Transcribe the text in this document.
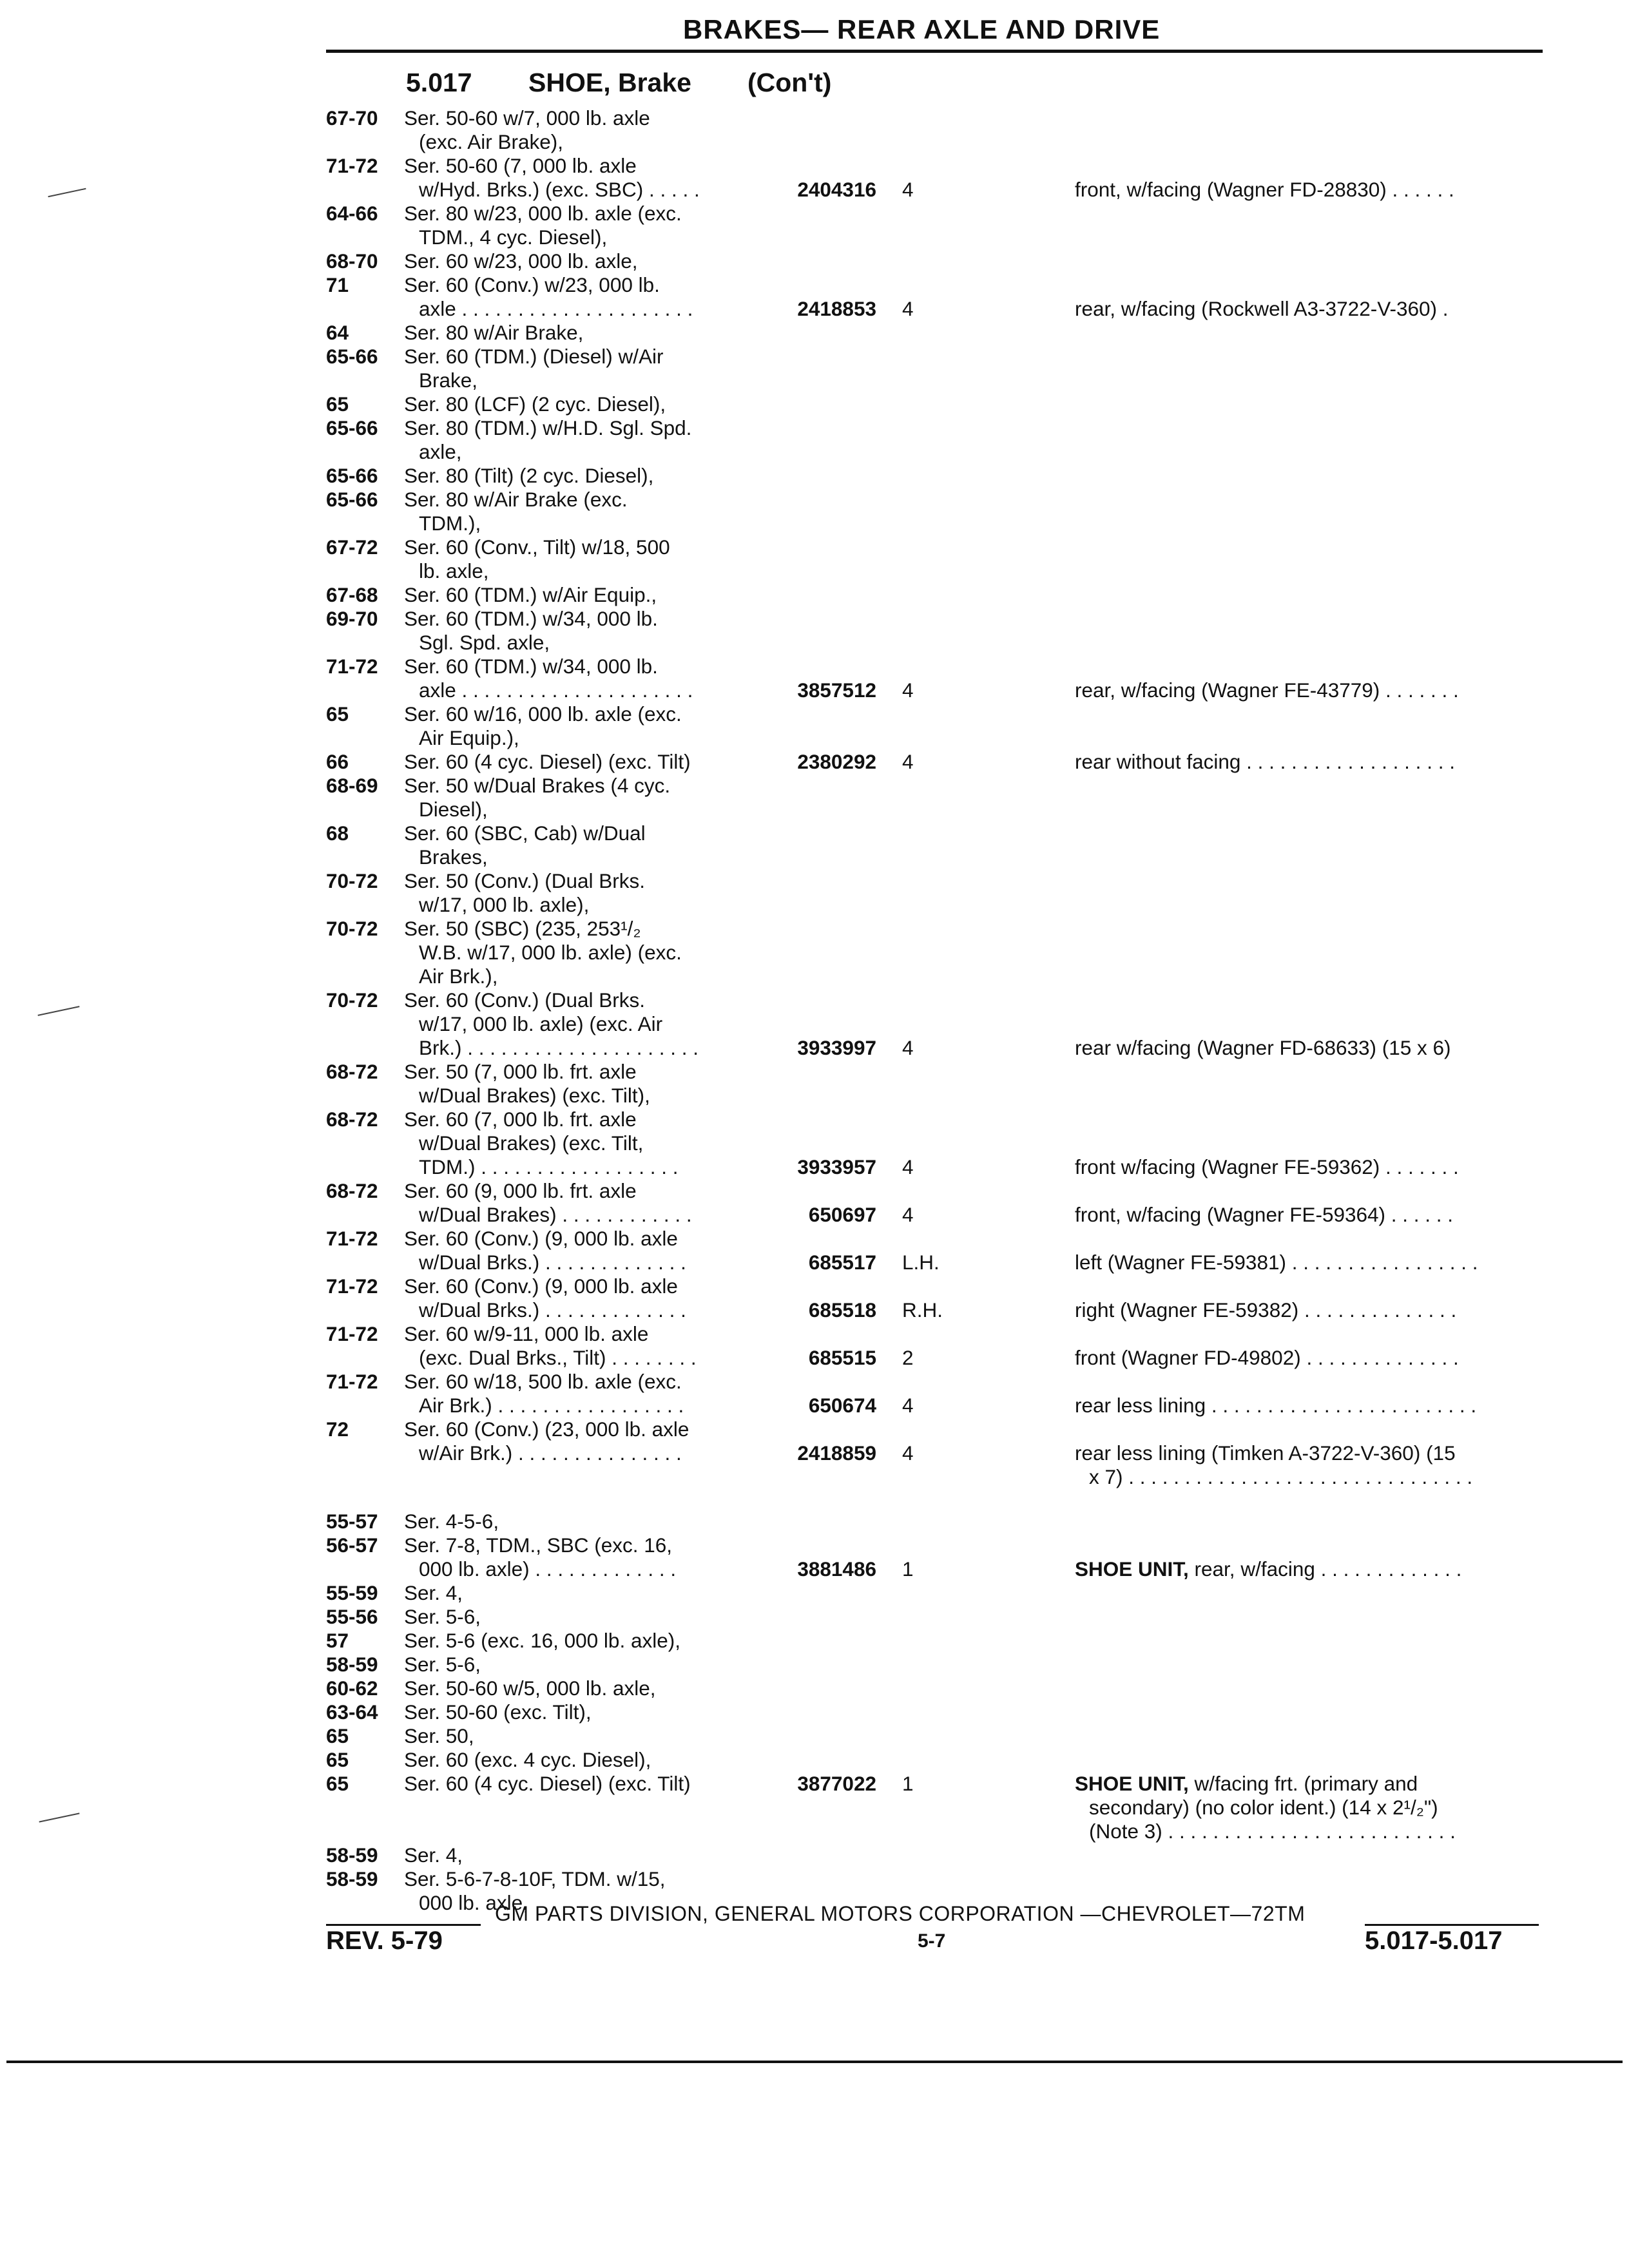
BRAKES— REAR AXLE AND DRIVE
5.017 SHOE, Brake (Con't)
67-70 Ser. 50-60 w/7, 000 lb. axle
(exc. Air Brake),
71-72 Ser. 50-60 (7, 000 lb. axle
w/Hyd. Brks.) (exc. SBC) . . . . .	2404316 4	front, w/facing (Wagner FD-28830) . . . . . .
64-66 Ser. 80 w/23, 000 lb. axle (exc.
TDM., 4 cyc. Diesel),
68-70 Ser. 60 w/23, 000 lb. axle,
71	Ser. 60 (Conv.) w/23, 000 lb.
axle . . . . . . . . . . . . . . . . . . . . .	2418853 4	rear, w/facing (Rockwell A3-3722-V-360) .
64	Ser. 80 w/Air Brake,
65-66 Ser. 60 (TDM.) (Diesel) w/Air
Brake,
65	Ser. 80 (LCF) (2 cyc. Diesel),
65-66 Ser. 80 (TDM.) w/H.D. Sgl. Spd.
axle,
65-66 Ser. 80 (Tilt) (2 cyc. Diesel),
65-66 Ser. 80 w/Air Brake (exc.
TDM.),
67-72 Ser. 60 (Conv., Tilt) w/18, 500
lb. axle,
67-68 Ser. 60 (TDM.) w/Air Equip.,
69-70 Ser. 60 (TDM.) w/34, 000 lb.
Sgl. Spd. axle,
71-72 Ser. 60 (TDM.) w/34, 000 lb.
axle . . . . . . . . . . . . . . . . . . . . .	3857512 4	rear, w/facing (Wagner FE-43779) . . . . . . .
65	Ser. 60 w/16, 000 lb. axle (exc.
Air Equip.),
66	Ser. 60 (4 cyc. Diesel) (exc. Tilt)	2380292 4	rear without facing . . . . . . . . . . . . . . . . . . .
68-69 Ser. 50 w/Dual Brakes (4 cyc.
Diesel),
68	Ser. 60 (SBC, Cab) w/Dual
Brakes,
70-72 Ser. 50 (Conv.) (Dual Brks.
w/17, 000 lb. axle),
70-72 Ser. 50 (SBC) (235, 253¹/₂
W.B. w/17, 000 lb. axle) (exc.
Air Brk.),
70-72 Ser. 60 (Conv.) (Dual Brks.
w/17, 000 lb. axle) (exc. Air
Brk.) . . . . . . . . . . . . . . . . . . . . .	3933997 4	rear w/facing (Wagner FD-68633) (15 x 6)
68-72 Ser. 50 (7, 000 lb. frt. axle
w/Dual Brakes) (exc. Tilt),
68-72 Ser. 60 (7, 000 lb. frt. axle
w/Dual Brakes) (exc. Tilt,
TDM.) . . . . . . . . . . . . . . . . . .	3933957 4	front w/facing (Wagner FE-59362) . . . . . . .
68-72 Ser. 60 (9, 000 lb. frt. axle
w/Dual Brakes) . . . . . . . . . . . .	650697 4	front, w/facing (Wagner FE-59364) . . . . . .
71-72 Ser. 60 (Conv.) (9, 000 lb. axle
w/Dual Brks.) . . . . . . . . . . . . .	685517 L.H.	left (Wagner FE-59381) . . . . . . . . . . . . . . . . .
71-72 Ser. 60 (Conv.) (9, 000 lb. axle
w/Dual Brks.) . . . . . . . . . . . . .	685518 R.H.	right (Wagner FE-59382) . . . . . . . . . . . . . .
71-72 Ser. 60 w/9-11, 000 lb. axle
(exc. Dual Brks., Tilt) . . . . . . . .	685515 2	front (Wagner FD-49802) . . . . . . . . . . . . . .
71-72 Ser. 60 w/18, 500 lb. axle (exc.
Air Brk.) . . . . . . . . . . . . . . . . .	650674 4	rear less lining . . . . . . . . . . . . . . . . . . . . . . . .
72	Ser. 60 (Conv.) (23, 000 lb. axle
w/Air Brk.) . . . . . . . . . . . . . . .	2418859 4	rear less lining (Timken A-3722-V-360) (15
x 7) . . . . . . . . . . . . . . . . . . . . . . . . . . . . . . .
55-57 Ser. 4-5-6,
56-57 Ser. 7-8, TDM., SBC (exc. 16,
000 lb. axle) . . . . . . . . . . . . .	3881486 1	SHOE UNIT, rear, w/facing . . . . . . . . . . . . .
55-59 Ser. 4,
55-56 Ser. 5-6,
57	Ser. 5-6 (exc. 16, 000 lb. axle),
58-59 Ser. 5-6,
60-62 Ser. 50-60 w/5, 000 lb. axle,
63-64 Ser. 50-60 (exc. Tilt),
65	Ser. 50,
65	Ser. 60 (exc. 4 cyc. Diesel),
65	Ser. 60 (4 cyc. Diesel) (exc. Tilt)	3877022 1	SHOE UNIT, w/facing frt. (primary and
secondary) (no color ident.) (14 x 2¹/₂")
(Note 3) . . . . . . . . . . . . . . . . . . . . . . . . . .
58-59 Ser. 4,
58-59 Ser. 5-6-7-8-10F, TDM. w/15,
000 lb. axle,
GM PARTS DIVISION, GENERAL MOTORS CORPORATION —CHEVROLET—72TM
REV. 5-79	5-7	5.017-5.017
